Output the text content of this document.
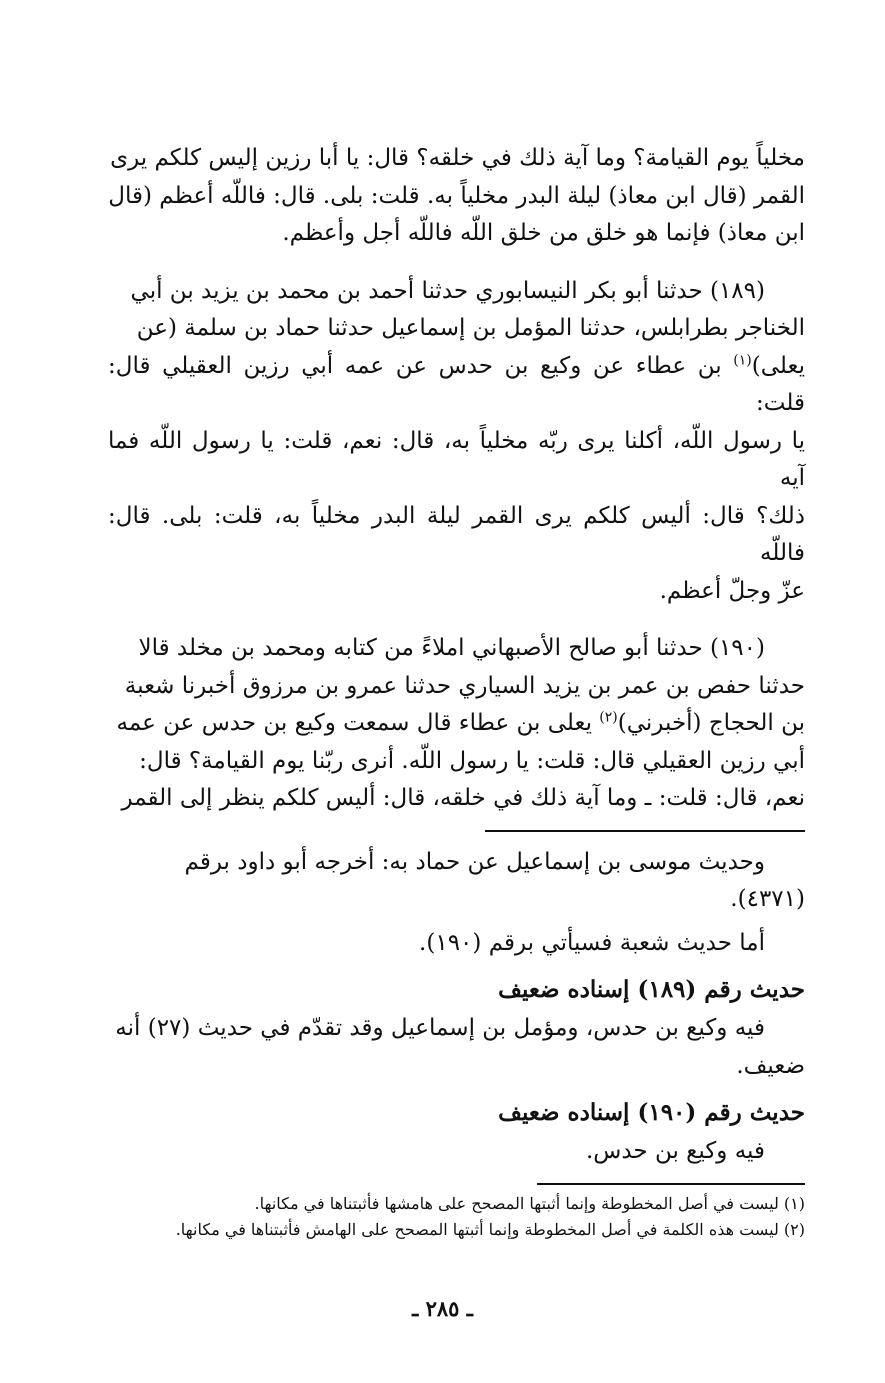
مخلياً يوم القيامة؟ وما آية ذلك في خلقه؟ قال: يا أبا رزين إليس كلكم يرى

القمر (قال ابن معاذ) ليلة البدر مخلياً به. قلت: بلى. قال: فاللّه أعظم (قال

ابن معاذ) فإنما هو خلق من خلق اللّه فاللّه أجل وأعظم.

(١٨٩) حدثنا أبو بكر النيسابوري حدثنا أحمد بن محمد بن يزيد بن أبي

الخناجر بطرابلس، حدثنا المؤمل بن إسماعيل حدثنا حماد بن سلمة (عن

يعلى)$^{(١)}$ بن عطاء عن وكيع بن حدس عن عمه أبي رزين العقيلي قال: قلت:

يا رسول اللّه، أكلنا يرى ربّه مخلياً به، قال: نعم، قلت: يا رسول اللّه فما آيه

ذلك؟ قال: أليس كلكم يرى القمر ليلة البدر مخلياً به، قلت: بلى. قال: فاللّه

عزّ وجلّ أعظم.

(١٩٠) حدثنا أبو صالح الأصبهاني املاءً من كتابه ومحمد بن مخلد قالا

حدثنا حفص بن عمر بن يزيد السياري حدثنا عمرو بن مرزوق أخبرنا شعبة

بن الحجاج (أخبرني)$^{(٢)}$ يعلى بن عطاء قال سمعت وكيع بن حدس عن عمه

أبي رزين العقيلي قال: قلت: يا رسول اللّه. أنرى ربّنا يوم القيامة؟ قال:

نعم، قال: قلت: ـ وما آية ذلك في خلقه، قال: أليس كلكم ينظر إلى القمر

وحديث موسى بن إسماعيل عن حماد به: أخرجه أبو داود برقم

(٤٣٧١).

أما حديث شعبة فسيأتي برقم (١٩٠).

حديث رقم (١٨٩) إسناده ضعيف

فيه وكيع بن حدس، ومؤمل بن إسماعيل وقد تقدّم في حديث (٢٧) أنه

ضعيف.

حديث رقم (١٩٠) إسناده ضعيف

فيه وكيع بن حدس.

(١) ليست في أصل المخطوطة وإنما أثبتها المصحح على هامشها فأثبتناها في مكانها.

(٢) ليست هذه الكلمة في أصل المخطوطة وإنما أثبتها المصحح على الهامش فأثبتناها في مكانها.

ـ ٢٨٥ ـ
